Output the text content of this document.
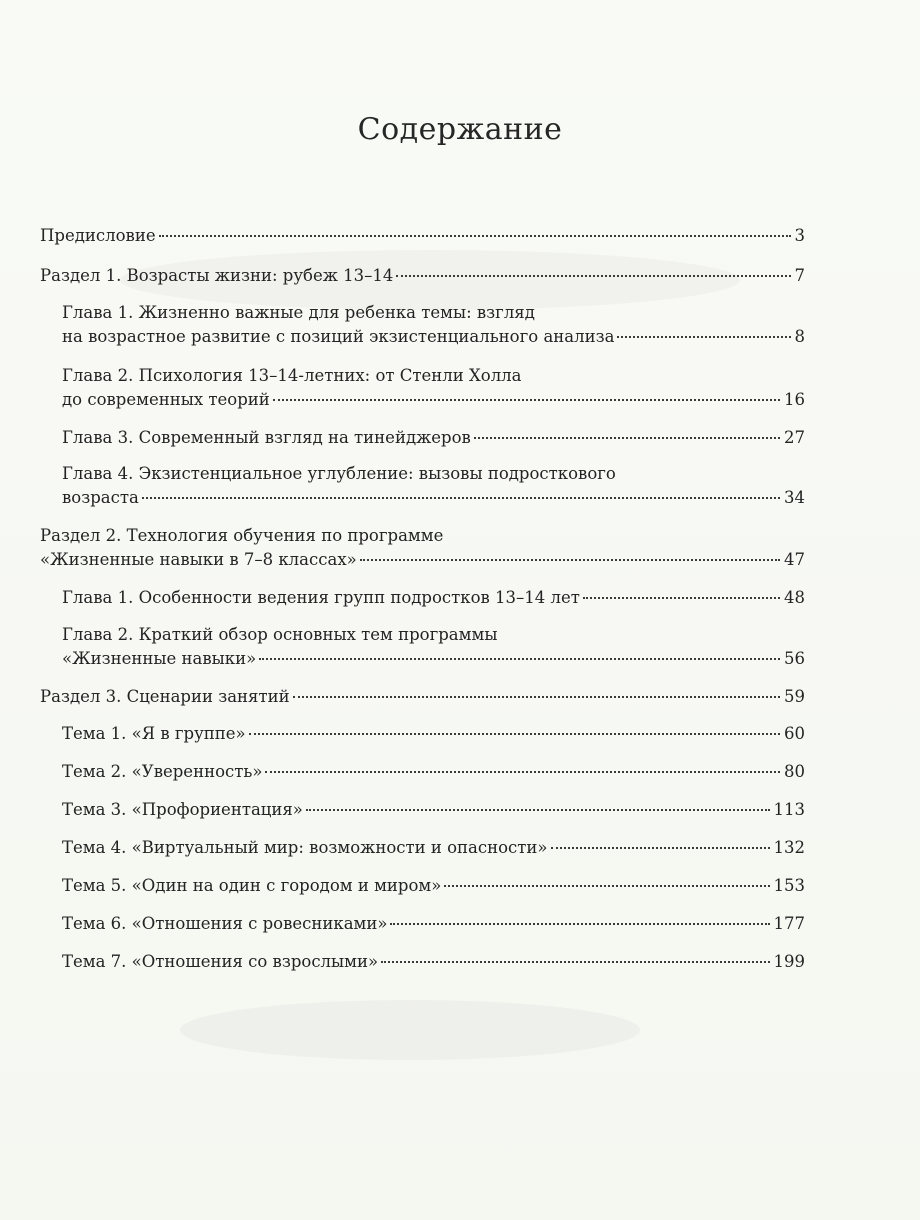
Содержание
Предисловие	3
Раздел 1. Возрасты жизни: рубеж 13–14	7
Глава 1. Жизненно важные для ребенка темы: взгляд
на возрастное развитие с позиций экзистенциального анализа	8
Глава 2. Психология 13–14-летних: от Стенли Холла
до современных теорий	16
Глава 3. Современный взгляд на тинейджеров	27
Глава 4. Экзистенциальное углубление: вызовы подросткового
возраста	34
Раздел 2. Технология обучения по программе
«Жизненные навыки в 7–8 классах»	47
Глава 1. Особенности ведения групп подростков 13–14 лет	48
Глава 2. Краткий обзор основных тем программы
«Жизненные навыки»	56
Раздел 3. Сценарии занятий	59
Тема 1. «Я в группе»	60
Тема 2. «Уверенность»	80
Тема 3. «Профориентация»	113
Тема 4. «Виртуальный мир: возможности и опасности»	132
Тема 5. «Один на один с городом и миром»	153
Тема 6. «Отношения с ровесниками»	177
Тема 7. «Отношения со взрослыми»	199
